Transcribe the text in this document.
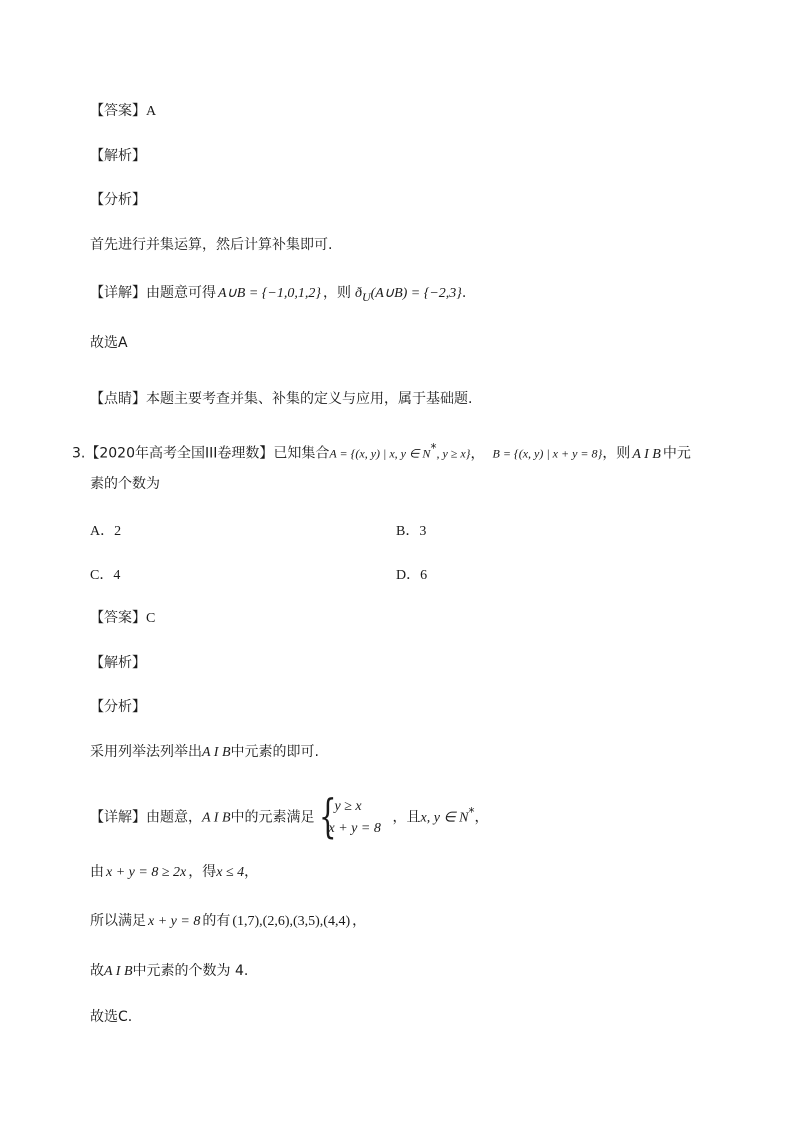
【答案】A
【解析】
【分析】
首先进行并集运算，然后计算补集即可.
【详解】由题意可得 A∪B = {−1,0,1,2} ，则 $ð_U(A\cup B) = \{-2,3\}$.
故选A
【点睛】本题主要考查并集、补集的定义与应用，属于基础题.
3.【2020年高考全国III卷理数】已知集合A = {(x, y) | x, y ∈ N*, y ≥ x}， B = {(x, y) | x + y = 8}，则 A I B 中元
素的个数为
A．2	B．3
C．4	D．6
【答案】C
【解析】
【分析】
采用列举法列举出A I B中元素的即可.
【详解】由题意，A I B中的元素满足 {
y ≥ x
x + y = 8
，且x, y ∈ N*，
由 x + y = 8 ≥ 2x ，得x ≤ 4，
所以满足 x + y = 8 的有 (1,7),(2,6),(3,5),(4,4) ，
故A I B中元素的个数为 4.
故选C.
